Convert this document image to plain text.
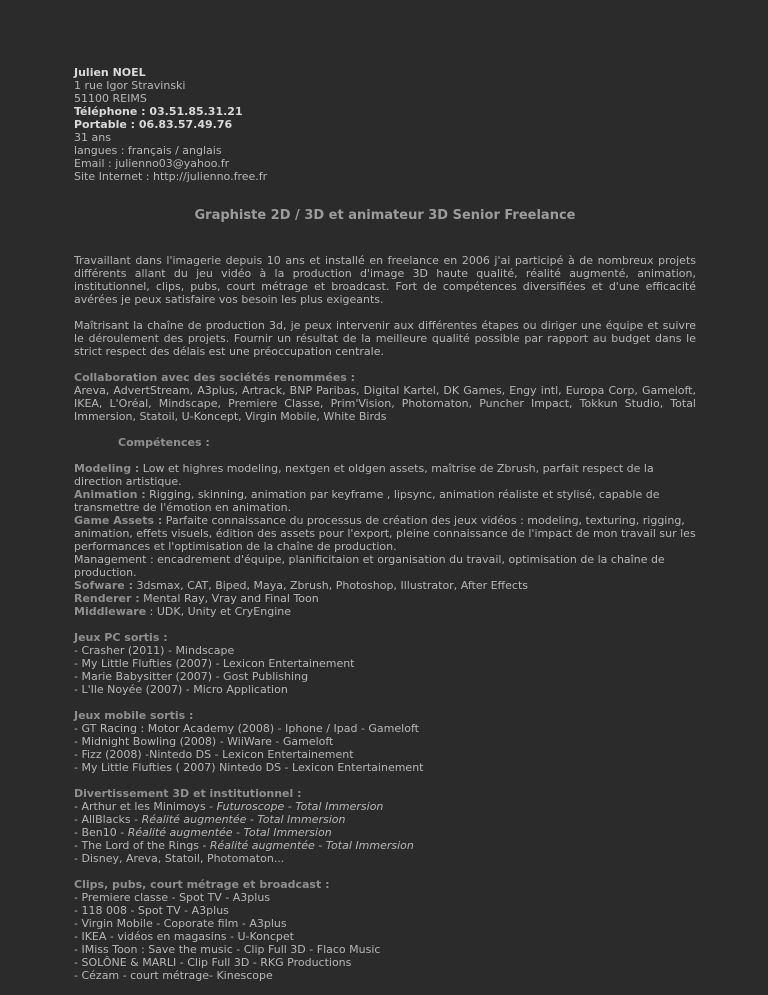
Julien NOEL
1 rue Igor Stravinski
51100 REIMS
Téléphone : 03.51.85.31.21
Portable : 06.83.57.49.76
31 ans
langues : français / anglais
Email : julienno03@yahoo.fr
Site Internet : http://julienno.free.fr
Graphiste 2D / 3D et animateur 3D Senior Freelance

Travaillant dans l'imagerie depuis 10 ans et installé en freelance en 2006 j'ai participé à de nombreux projets différents allant du jeu vidéo à la production d'image 3D haute qualité, réalité augmenté, animation, institutionnel, clips, pubs, court métrage et broadcast. Fort de compétences diversifiées et d'une efficacité avérées je peux satisfaire vos besoin les plus exigeants.

Maîtrisant la chaîne de production 3d, je peux intervenir aux différentes étapes ou diriger une équipe et suivre le déroulement des projets. Fournir un résultat de la meilleure qualité possible par rapport au budget dans le strict respect des délais est une préoccupation centrale.

Collaboration avec des sociétés renommées :
Areva, AdvertStream, A3plus, Artrack, BNP Paribas, Digital Kartel, DK Games, Engy intl, Europa Corp, Gameloft, IKEA, L'Oréal, Mindscape, Premiere Classe, Prim'Vision, Photomaton, Puncher Impact, Tokkun Studio, Total Immersion, Statoil, U-Koncept, Virgin Mobile, White Birds
Compétences :
Modeling : Low et highres modeling, nextgen et oldgen assets, maîtrise de Zbrush, parfait respect de la direction artistique.
Animation : Rigging, skinning, animation par keyframe , lipsync, animation réaliste et stylisé, capable de transmettre de l'émotion en animation.
Game Assets : Parfaite connaissance du processus de création des jeux vidéos : modeling, texturing, rigging, animation, effets visuels, édition des assets pour l'export, pleine connaissance de l'impact de mon travail sur les performances et l'optimisation de la chaîne de production.
Management : encadrement d'équipe, planificitaion et organisation du travail, optimisation de la chaîne de production.
Sofware : 3dsmax, CAT, Biped, Maya, Zbrush, Photoshop, Illustrator, After Effects
Renderer : Mental Ray, Vray and Final Toon
Middleware : UDK, Unity et CryEngine
Jeux PC sortis :
- Crasher (2011) - Mindscape
- My Little Flufties (2007) - Lexicon Entertainement
- Marie Babysitter (2007) - Gost Publishing
- L'Ile Noyée (2007) - Micro Application
Jeux mobile sortis :
- GT Racing : Motor Academy (2008) - Iphone / Ipad - Gameloft
- Midnight Bowling (2008) - WiiWare - Gameloft
- Fizz (2008) -Nintedo DS - Lexicon Entertainement
- My Little Flufties ( 2007) Nintedo DS - Lexicon Entertainement
Divertissement 3D et institutionnel :
- Arthur et les Minimoys - Futuroscope - Total Immersion
- AllBlacks - Réalité augmentée - Total Immersion
- Ben10 - Réalité augmentée - Total Immersion
- The Lord of the Rings - Réalité augmentée - Total Immersion
- Disney, Areva, Statoil, Photomaton...
Clips, pubs, court métrage et broadcast :
- Premiere classe - Spot TV - A3plus
- 118 008 - Spot TV - A3plus
- Virgin Mobile - Coporate film - A3plus
- IKEA - vidéos en magasins - U-Koncpet
- IMiss Toon : Save the music - Clip Full 3D - Flaco Music
- SOLÔNE & MARLI - Clip Full 3D - RKG Productions
- Cézam - court métrage- Kinescope
